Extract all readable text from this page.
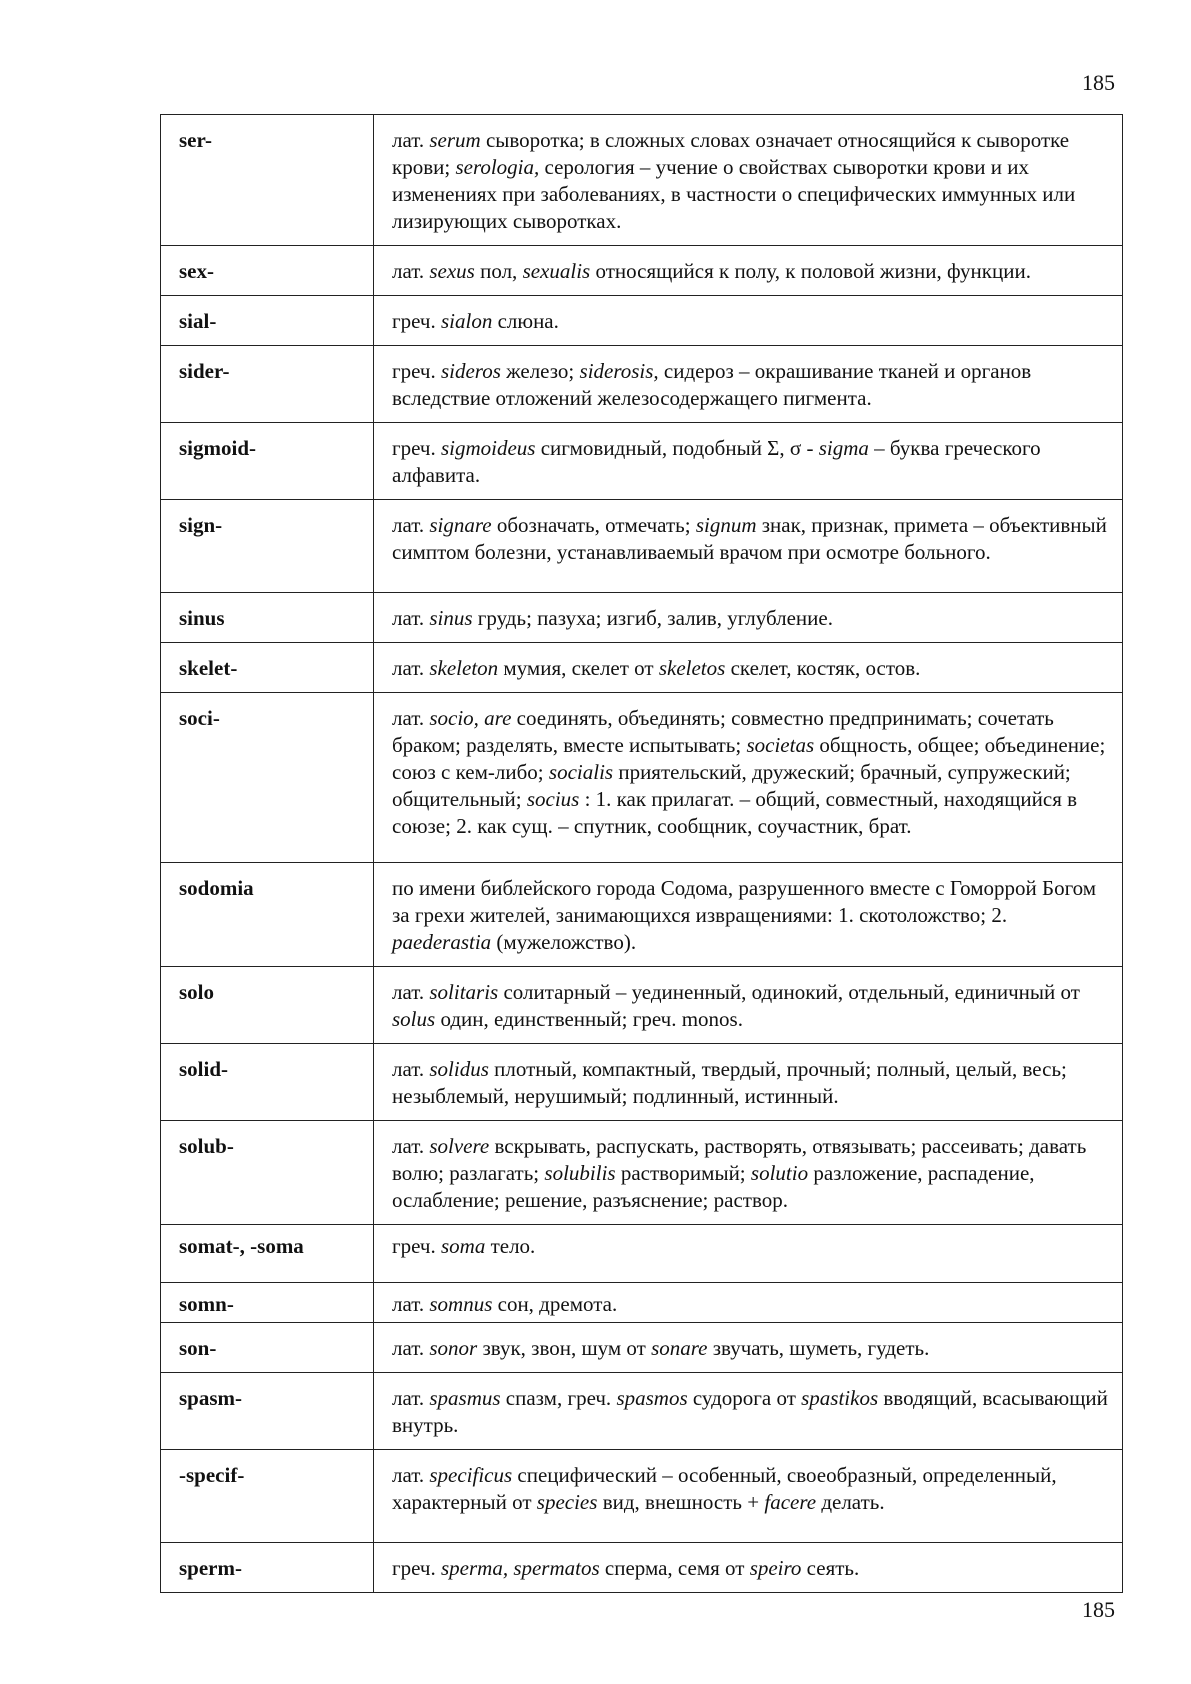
185
ser-	лат. serum сыворотка; в сложных словах означает относящийся к сыворотке крови; serologia, серология – учение о свойствах сыворотки крови и их изменениях при заболеваниях, в частности о специфических иммунных или лизирующих сыворотках.
sex-	лат. sexus пол, sexualis относящийся к полу, к половой жизни, функции.
sial-	греч. sialon слюна.
sider-	греч. sideros железо; siderosis, сидероз – окрашивание тканей и органов вследствие отложений железосодержащего пигмента.
sigmoid-	греч. sigmoideus сигмовидный, подобный Σ, σ - sigma – буква греческого алфавита.
sign-	лат. signare обозначать, отмечать; signum знак, признак, примета – объективный симптом болезни, устанавливаемый врачом при осмотре больного.
sinus	лат. sinus грудь; пазуха; изгиб, залив, углубление.
skelet-	лат. skeleton мумия, скелет от skeletos скелет, костяк, остов.
soci-	лат. socio, are соединять, объединять; совместно предпринимать; сочетать браком; разделять, вместе испытывать; societas общность, общее; объединение; союз с кем-либо; socialis приятельский, дружеский; брачный, супружеский; общительный; socius : 1. как прилагат. – общий, совместный, находящийся в союзе; 2. как сущ. – спутник, сообщник, соучастник, брат.
sodomia	по имени библейского города Содома, разрушенного вместе с Гоморрой Богом за грехи жителей, занимающихся извращениями: 1. скотоложство; 2. paederastia (мужеложство).
solo	лат. solitaris солитарный – уединенный, одинокий, отдельный, единичный от solus один, единственный; греч. monos.
solid-	лат. solidus плотный, компактный, твердый, прочный; полный, целый, весь; незыблемый, нерушимый; подлинный, истинный.
solub-	лат. solvere вскрывать, распускать, растворять, отвязывать; рассеивать; давать волю; разлагать; solubilis растворимый; solutio разложение, распадение, ослабление; решение, разъяснение; раствор.
somat-, -soma	греч. soma тело.
somn-	лат. somnus сон, дремота.
son-	лат. sonor звук, звон, шум от sonare звучать, шуметь, гудеть.
spasm-	лат. spasmus спазм, греч. spasmos судорога от spastikos вводящий, всасывающий внутрь.
-specif-	лат. specificus специфический – особенный, своеобразный, определенный, характерный от species вид, внешность + facere делать.
sperm-	греч. sperma, spermatos сперма, семя от speiro сеять.
185
